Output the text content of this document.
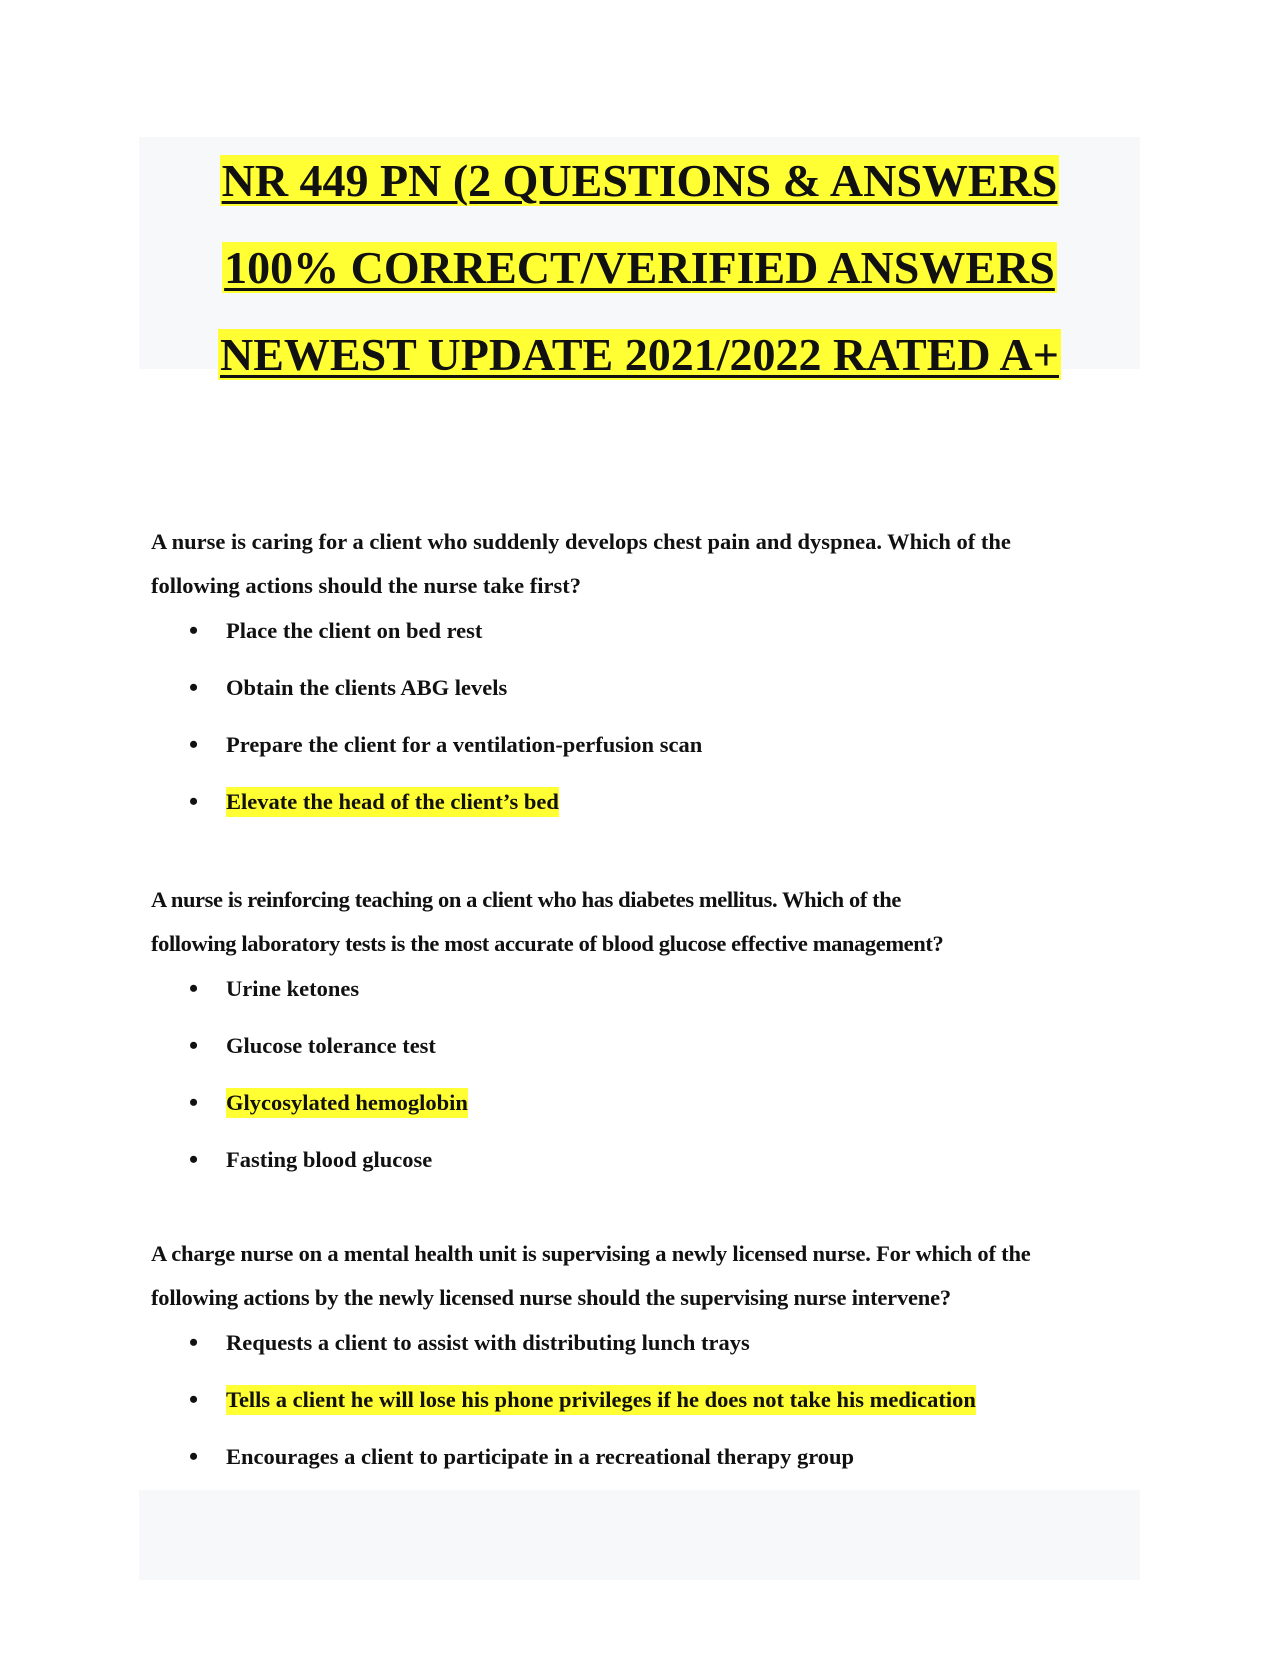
NR 449 PN (2 QUESTIONS & ANSWERS
100% CORRECT/VERIFIED ANSWERS
NEWEST UPDATE 2021/2022 RATED A+

A nurse is caring for a client who suddenly develops chest pain and dyspnea. Which of the following actions should the nurse take first?

• Place the client on bed rest
• Obtain the clients ABG levels
• Prepare the client for a ventilation-perfusion scan
• Elevate the head of the client’s bed

A nurse is reinforcing teaching on a client who has diabetes mellitus. Which of the following laboratory tests is the most accurate of blood glucose effective management?

• Urine ketones
• Glucose tolerance test
• Glycosylated hemoglobin
• Fasting blood glucose

A charge nurse on a mental health unit is supervising a newly licensed nurse. For which of the following actions by the newly licensed nurse should the supervising nurse intervene?

• Requests a client to assist with distributing lunch trays
• Tells a client he will lose his phone privileges if he does not take his medication
• Encourages a client to participate in a recreational therapy group
